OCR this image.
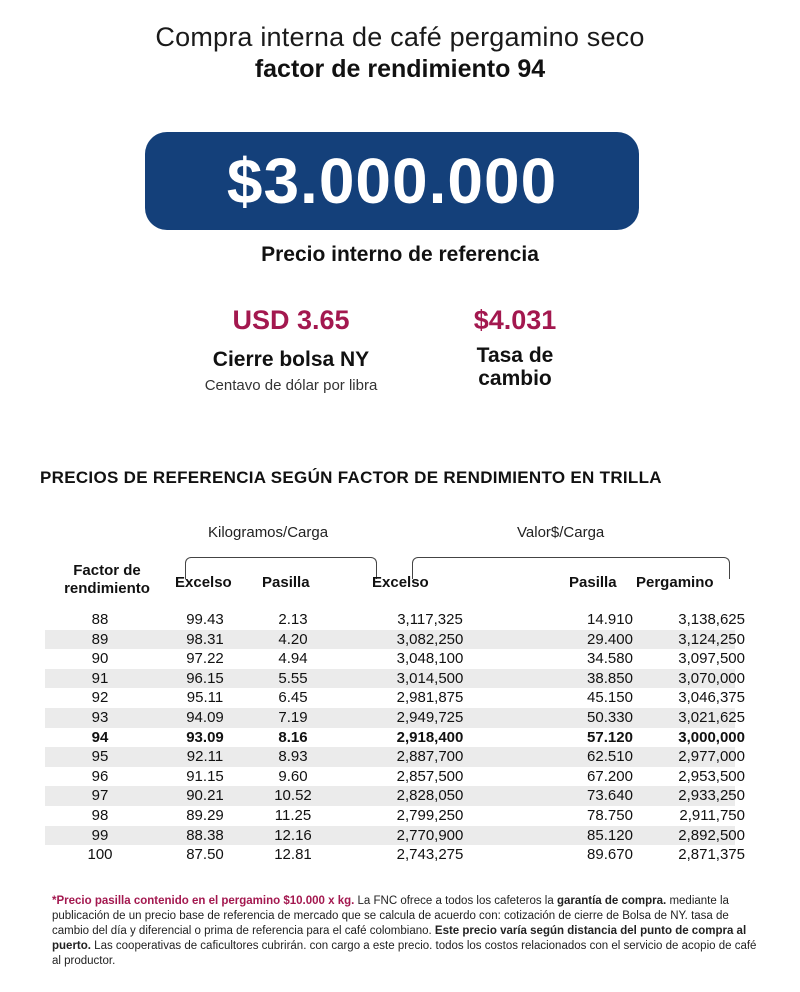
Compra interna de café pergamino seco
factor de rendimiento 94
$3.000.000
Precio interno de referencia
USD 3.65
Cierre bolsa NY
Centavo de dólar por libra
$4.031
Tasa de
cambio
PRECIOS DE REFERENCIA SEGÚN FACTOR DE RENDIMIENTO EN TRILLA
Kilogramos/Carga	Valor$/Carga
Factor de
rendimiento	Excelso Pasilla	Excelso	Pasilla Pergamino
88	99.43	2.13	3,117,325	14.910	3,138,625
89	98.31	4.20	3,082,250	29.400	3,124,250
90	97.22	4.94	3,048,100	34.580	3,097,500
91	96.15	5.55	3,014,500	38.850	3,070,000
92	95.11	6.45	2,981,875	45.150	3,046,375
93	94.09	7.19	2,949,725	50.330	3,021,625
94	93.09	8.16	2,918,400	57.120	3,000,000
95	92.11	8.93	2,887,700	62.510	2,977,000
96	91.15	9.60	2,857,500	67.200	2,953,500
97	90.21	10.52	2,828,050	73.640	2,933,250
98	89.29	11.25	2,799,250	78.750	2,911,750
99	88.38	12.16	2,770,900	85.120	2,892,500
100	87.50	12.81	2,743,275	89.670	2,871,375
*Precio pasilla contenido en el pergamino $10.000 x kg. La FNC ofrece a todos los cafeteros la garantía de compra. mediante la publicación de un precio base de referencia de mercado que se calcula de acuerdo con: cotización de cierre de Bolsa de NY. tasa de cambio del día y diferencial o prima de referencia para el café colombiano. Este precio varía según distancia del punto de compra al puerto. Las cooperativas de caficultores cubrirán. con cargo a este precio. todos los costos relacionados con el servicio de acopio de café al productor.
